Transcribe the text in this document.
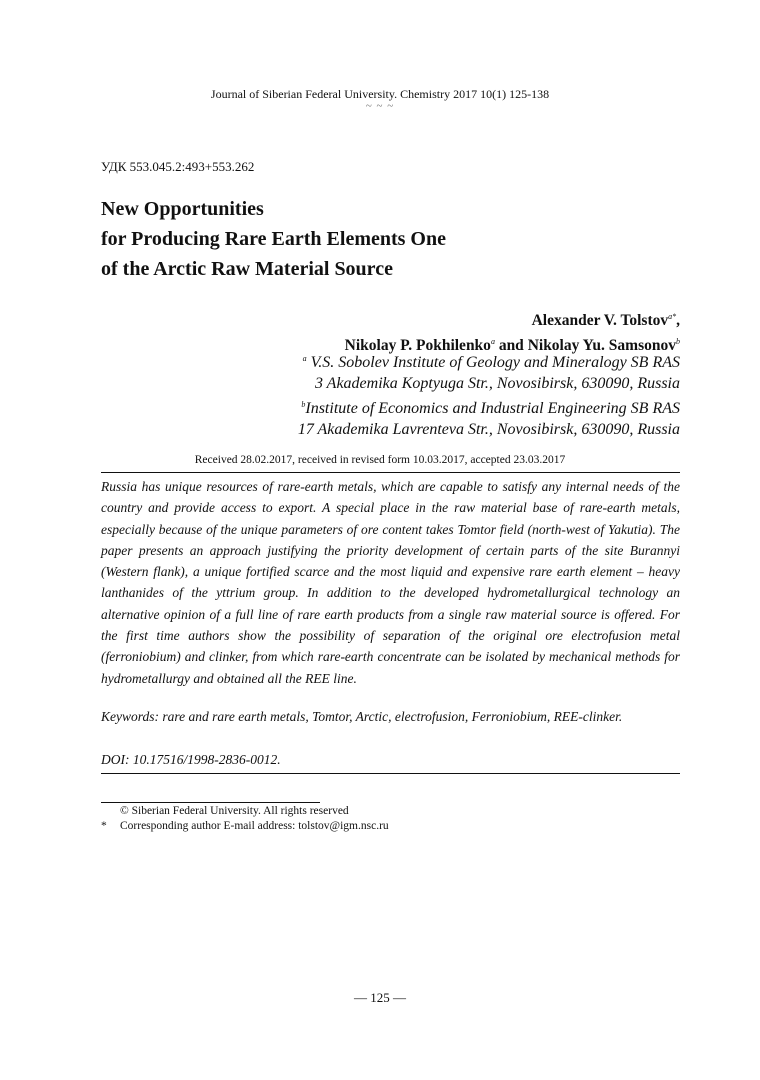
Journal of Siberian Federal University. Chemistry 2017 10(1) 125-138
~ ~ ~
УДК 553.045.2:493+553.262
New Opportunities
for Producing Rare Earth Elements One
of the Arctic Raw Material Source
Alexander V. Tolstov$^{a*}$,
Nikolay P. Pokhilenko$^a$ and Nikolay Yu. Samsonov$^b$
$^a$ V.S. Sobolev Institute of Geology and Mineralogy SB RAS
3 Akademika Koptyuga Str., Novosibirsk, 630090, Russia
$^b$Institute of Economics and Industrial Engineering SB RAS
17 Akademika Lavrenteva Str., Novosibirsk, 630090, Russia
Received 28.02.2017, received in revised form 10.03.2017, accepted 23.03.2017
Russia has unique resources of rare-earth metals, which are capable to satisfy any internal needs of the country and provide access to export. A special place in the raw material base of rare-earth metals, especially because of the unique parameters of ore content takes Tomtor field (north-west of Yakutia). The paper presents an approach justifying the priority development of certain parts of the site Burannyi (Western flank), a unique fortified scarce and the most liquid and expensive rare earth element – heavy lanthanides of the yttrium group. In addition to the developed hydrometallurgical technology an alternative opinion of a full line of rare earth products from a single raw material source is offered. For the first time authors show the possibility of separation of the original ore electrofusion metal (ferroniobium) and clinker, from which rare-earth concentrate can be isolated by mechanical methods for hydrometallurgy and obtained all the REE line.
Keywords: rare and rare earth metals, Tomtor, Arctic, electrofusion, Ferroniobium, REE-clinker.
DOI: 10.17516/1998-2836-0012.
© Siberian Federal University. All rights reserved
* Corresponding author E-mail address: tolstov@igm.nsc.ru
― 125 ―
